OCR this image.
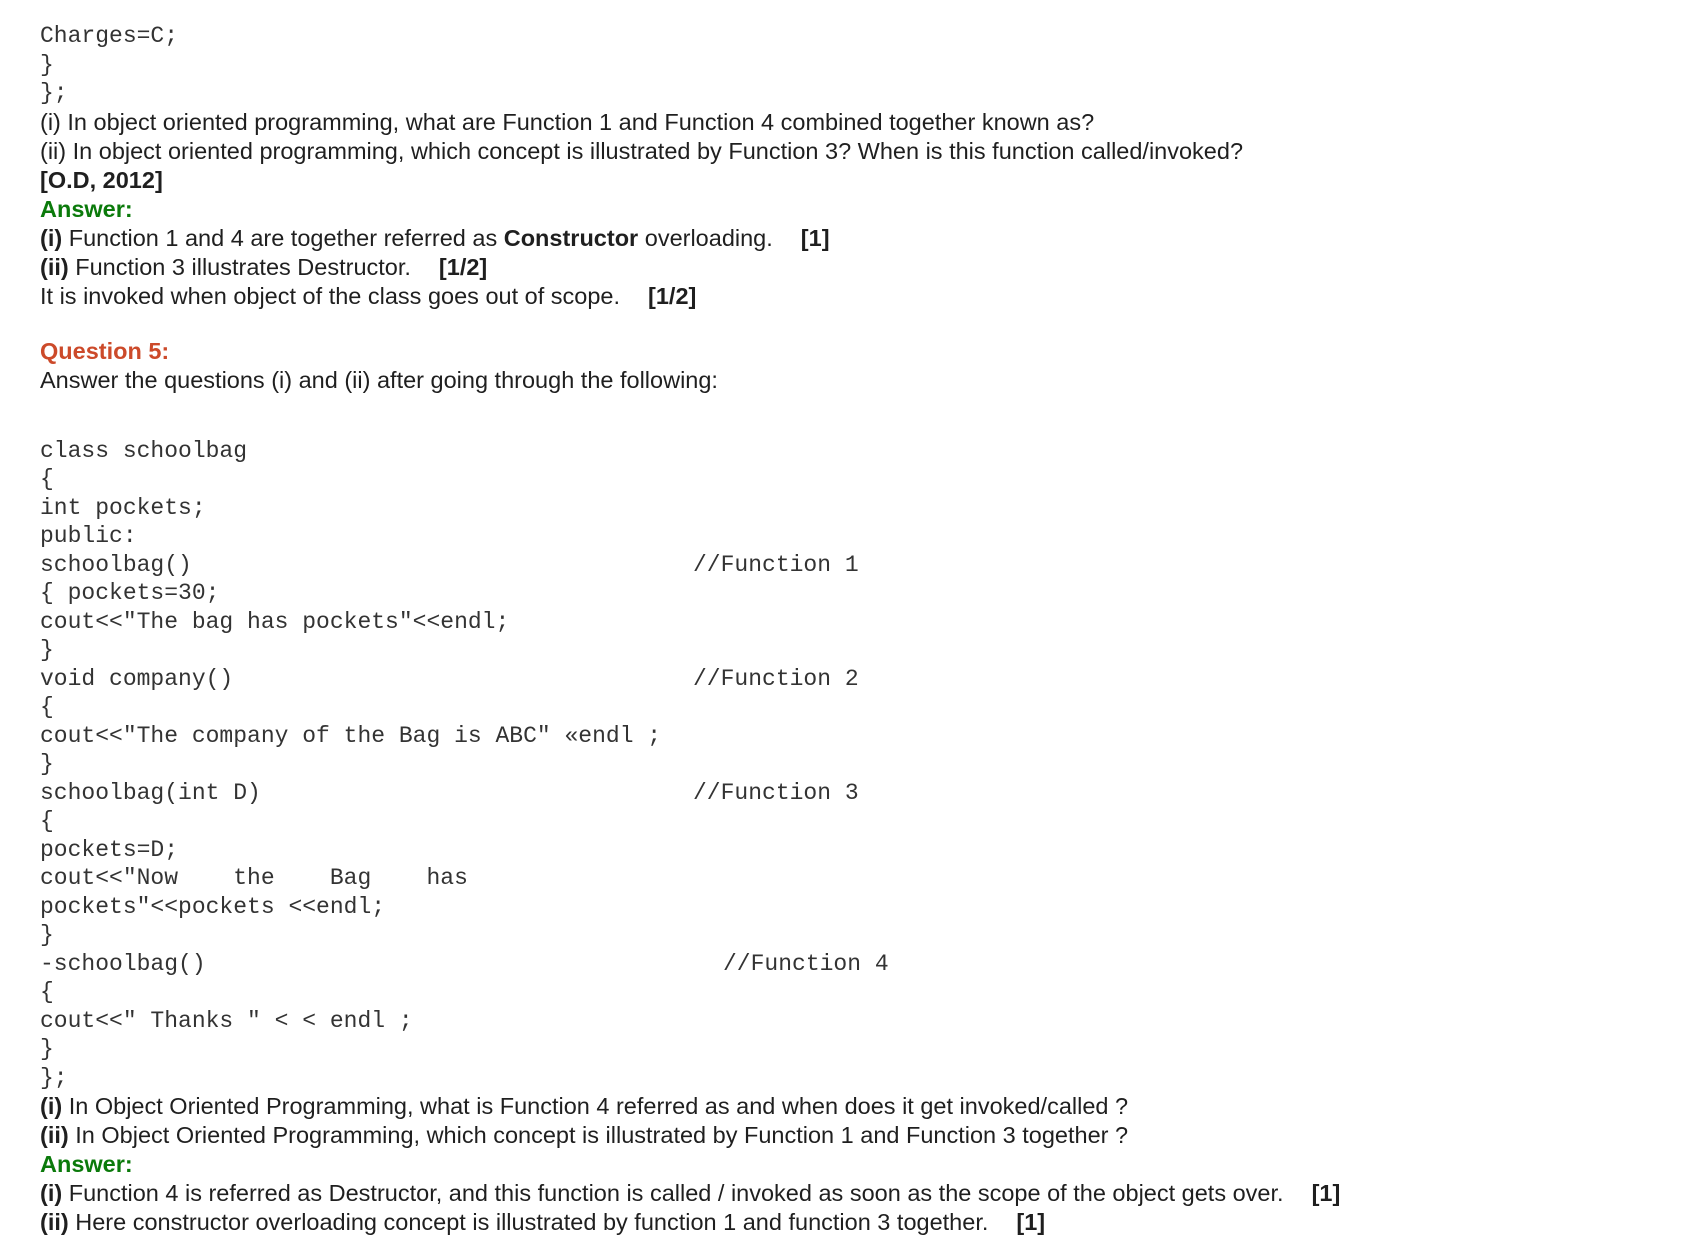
Charges=C;
}
};
(i) In object oriented programming, what are Function 1 and Function 4 combined together known as?
(ii) In object oriented programming, which concept is illustrated by Function 3? When is this function called/invoked?
[O.D, 2012]
Answer:
(i) Function 1 and 4 are together referred as Constructor overloading. [1]
(ii) Function 3 illustrates Destructor. [1/2]
It is invoked when object of the class goes out of scope. [1/2]
Question 5:
Answer the questions (i) and (ii) after going through the following:
class schoolbag
{
int pockets;
public:
schoolbag()	//Function 1
{ pockets=30;
cout<<"The bag has pockets"<<endl;
}
void company()	//Function 2
{
cout<<"The company of the Bag is ABC" «endl ;
}
schoolbag(int D)	//Function 3
{
pockets=D;
cout<<"Now    the    Bag    has
pockets"<<pockets <<endl;
}
-schoolbag()	//Function 4
{
cout<<" Thanks " < < endl ;
}
};
(i) In Object Oriented Programming, what is Function 4 referred as and when does it get invoked/called ?
(ii) In Object Oriented Programming, which concept is illustrated by Function 1 and Function 3 together ?
Answer:
(i) Function 4 is referred as Destructor, and this function is called / invoked as soon as the scope of the object gets over. [1]
(ii) Here constructor overloading concept is illustrated by function 1 and function 3 together. [1]
